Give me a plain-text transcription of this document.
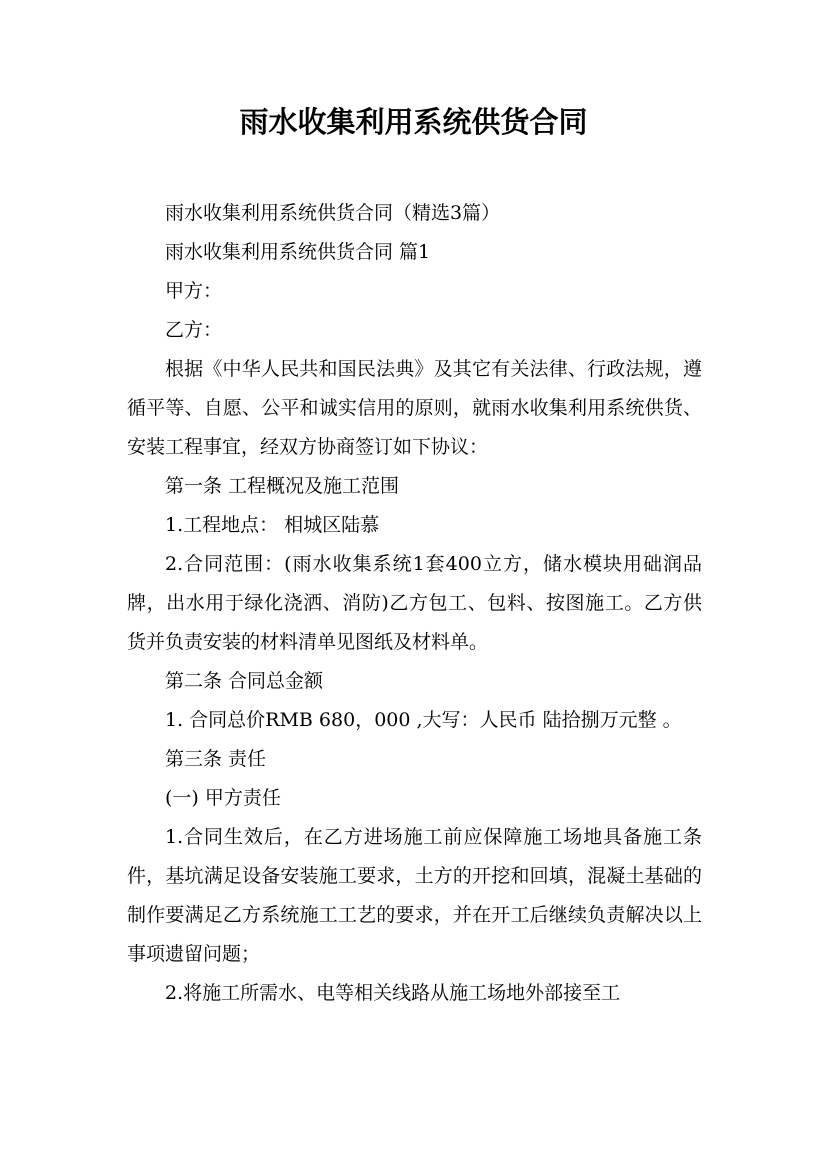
雨水收集利用系统供货合同

雨水收集利用系统供货合同（精选3篇）

雨水收集利用系统供货合同 篇1

甲方：

乙方：

根据《中华人民共和国民法典》及其它有关法律、行政法规，遵循平等、自愿、公平和诚实信用的原则，就雨水收集利用系统供货、安装工程事宜，经双方协商签订如下协议：

第一条 工程概况及施工范围

1.工程地点： 相城区陆慕

2.合同范围：(雨水收集系统1套400立方，储水模块用础润品牌，出水用于绿化浇洒、消防)乙方包工、包料、按图施工。乙方供货并负责安装的材料清单见图纸及材料单。

第二条 合同总金额

1. 合同总价RMB 680，000 ,大写：人民币 陆拾捌万元整 。

第三条 责任

(一) 甲方责任

1.合同生效后，在乙方进场施工前应保障施工场地具备施工条件，基坑满足设备安装施工要求，土方的开挖和回填，混凝土基础的制作要满足乙方系统施工工艺的要求，并在开工后继续负责解决以上事项遗留问题；

2.将施工所需水、电等相关线路从施工场地外部接至工
